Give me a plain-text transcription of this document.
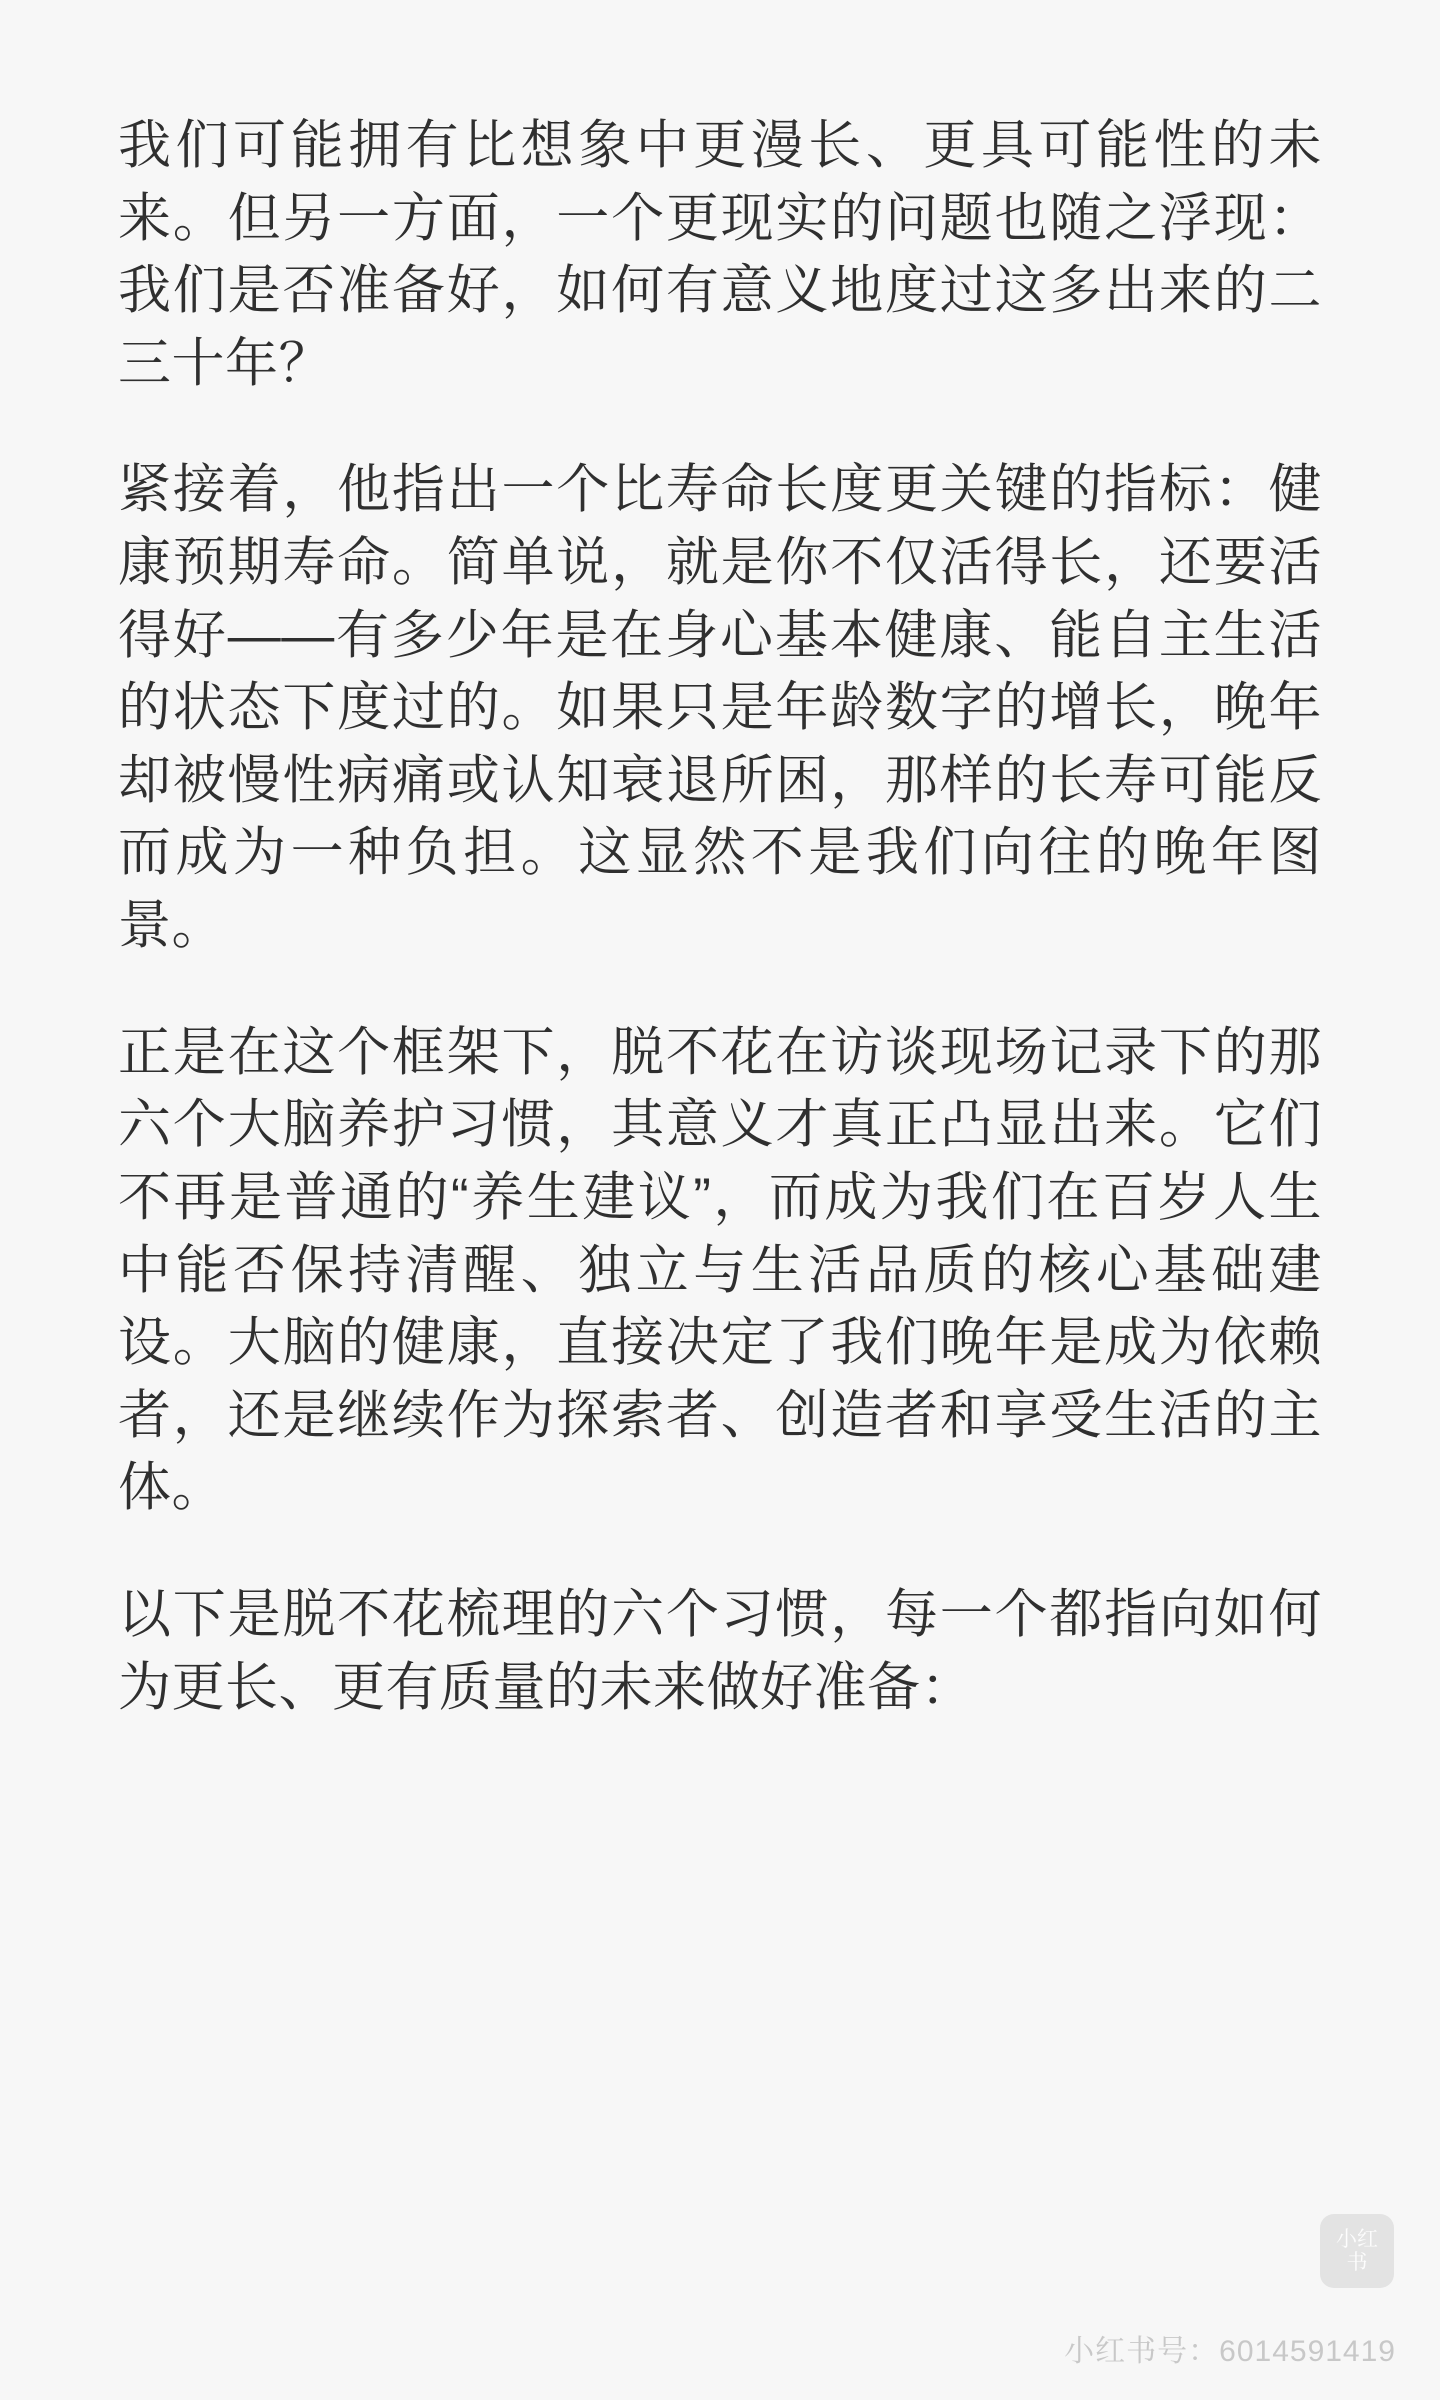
我们可能拥有比想象中更漫长、更具可能性的未来。但另一方面，一个更现实的问题也随之浮现：我们是否准备好，如何有意义地度过这多出来的二三十年？

紧接着，他指出一个比寿命长度更关键的指标：健康预期寿命。简单说，就是你不仅活得长，还要活得好——有多少年是在身心基本健康、能自主生活的状态下度过的。如果只是年龄数字的增长，晚年却被慢性病痛或认知衰退所困，那样的长寿可能反而成为一种负担。这显然不是我们向往的晚年图景。

正是在这个框架下，脱不花在访谈现场记录下的那六个大脑养护习惯，其意义才真正凸显出来。它们不再是普通的“养生建议”，而成为我们在百岁人生中能否保持清醒、独立与生活品质的核心基础建设。大脑的健康，直接决定了我们晚年是成为依赖者，还是继续作为探索者、创造者和享受生活的主体。

以下是脱不花梳理的六个习惯，每一个都指向如何为更长、更有质量的未来做好准备：

小红书
小红书号：6014591419
